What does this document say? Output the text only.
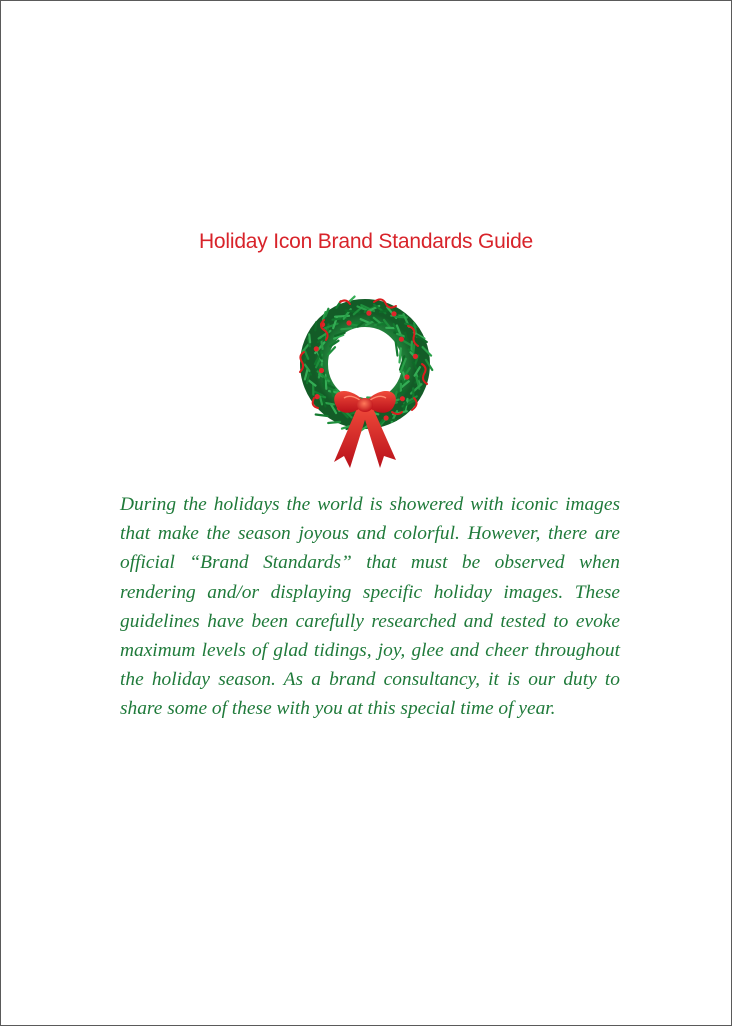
Holiday Icon Brand Standards Guide

During the holidays the world is showered with iconic images that make the season joyous and colorful. However, there are official “Brand Standards” that must be observed when rendering and/or displaying specific holiday images. These guidelines have been carefully researched and tested to evoke maximum levels of glad tidings, joy, glee and cheer throughout the holiday season. As a brand consultancy, it is our duty to share some of these with you at this special time of year.
